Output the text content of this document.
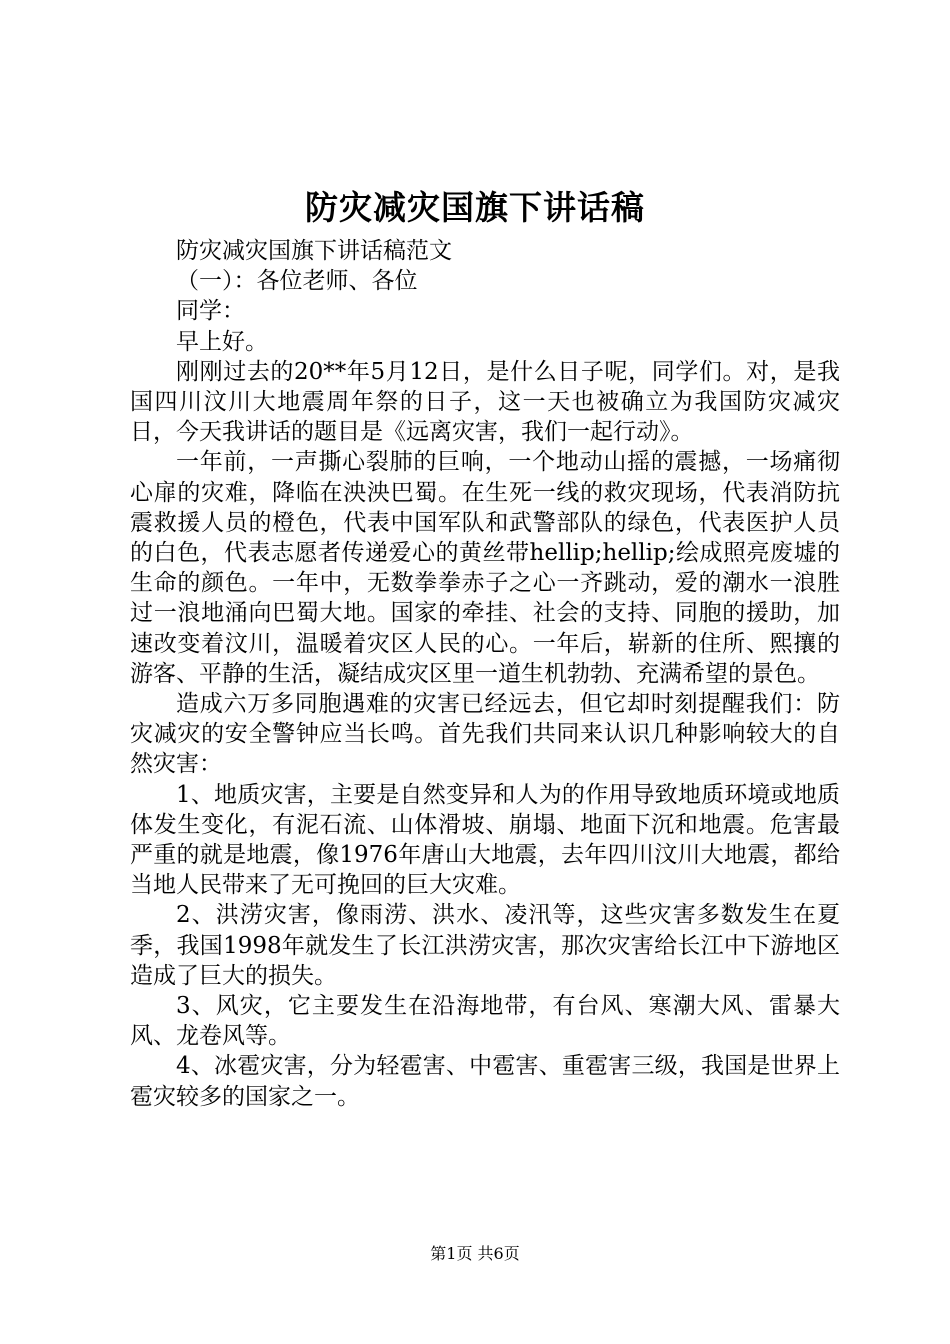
防灾减灾国旗下讲话稿

防灾减灾国旗下讲话稿范文

（一）：各位老师、各位

同学：

早上好。

刚刚过去的20**年5月12日，是什么日子呢，同学们。对，是我国四川汶川大地震周年祭的日子，这一天也被确立为我国防灾减灾日，今天我讲话的题目是《远离灾害，我们一起行动》。

一年前，一声撕心裂肺的巨响，一个地动山摇的震撼，一场痛彻心扉的灾难，降临在泱泱巴蜀。在生死一线的救灾现场，代表消防抗震救援人员的橙色，代表中国军队和武警部队的绿色，代表医护人员的白色，代表志愿者传递爱心的黄丝带hellip;hellip;绘成照亮废墟的生命的颜色。一年中，无数拳拳赤子之心一齐跳动，爱的潮水一浪胜过一浪地涌向巴蜀大地。国家的牵挂、社会的支持、同胞的援助，加速改变着汶川，温暖着灾区人民的心。一年后，崭新的住所、熙攘的游客、平静的生活，凝结成灾区里一道生机勃勃、充满希望的景色。

造成六万多同胞遇难的灾害已经远去，但它却时刻提醒我们：防灾减灾的安全警钟应当长鸣。首先我们共同来认识几种影响较大的自然灾害：

1、地质灾害，主要是自然变异和人为的作用导致地质环境或地质体发生变化，有泥石流、山体滑坡、崩塌、地面下沉和地震。危害最严重的就是地震，像1976年唐山大地震，去年四川汶川大地震，都给当地人民带来了无可挽回的巨大灾难。

2、洪涝灾害，像雨涝、洪水、凌汛等，这些灾害多数发生在夏季，我国1998年就发生了长江洪涝灾害，那次灾害给长江中下游地区造成了巨大的损失。

3、风灾，它主要发生在沿海地带，有台风、寒潮大风、雷暴大风、龙卷风等。

4、冰雹灾害，分为轻雹害、中雹害、重雹害三级，我国是世界上雹灾较多的国家之一。

第1页 共6页
